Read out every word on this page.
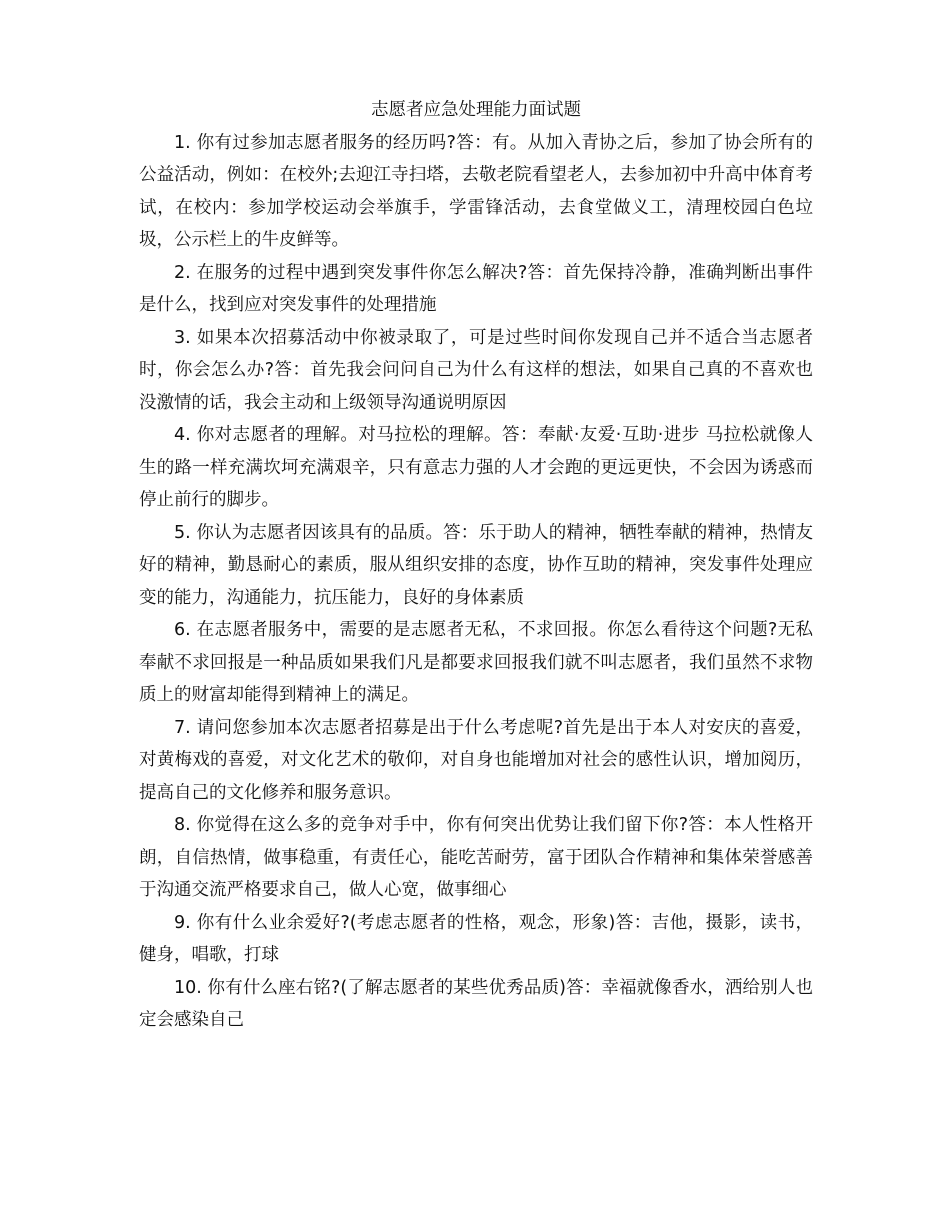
志愿者应急处理能力面试题

1. 你有过参加志愿者服务的经历吗?答：有。从加入青协之后，参加了协会所有的公益活动，例如：在校外;去迎江寺扫塔，去敬老院看望老人，去参加初中升高中体育考试，在校内：参加学校运动会举旗手，学雷锋活动，去食堂做义工，清理校园白色垃圾，公示栏上的牛皮鲜等。

2. 在服务的过程中遇到突发事件你怎么解决?答：首先保持冷静，准确判断出事件是什么，找到应对突发事件的处理措施

3. 如果本次招募活动中你被录取了，可是过些时间你发现自己并不适合当志愿者时，你会怎么办?答：首先我会问问自己为什么有这样的想法，如果自己真的不喜欢也没激情的话，我会主动和上级领导沟通说明原因

4. 你对志愿者的理解。对马拉松的理解。答：奉献·友爱·互助·进步 马拉松就像人生的路一样充满坎坷充满艰辛，只有意志力强的人才会跑的更远更快，不会因为诱惑而停止前行的脚步。

5. 你认为志愿者因该具有的品质。答：乐于助人的精神，牺牲奉献的精神，热情友好的精神，勤恳耐心的素质，服从组织安排的态度，协作互助的精神，突发事件处理应变的能力，沟通能力，抗压能力，良好的身体素质

6. 在志愿者服务中，需要的是志愿者无私，不求回报。你怎么看待这个问题?无私奉献不求回报是一种品质如果我们凡是都要求回报我们就不叫志愿者，我们虽然不求物质上的财富却能得到精神上的满足。

7. 请问您参加本次志愿者招募是出于什么考虑呢?首先是出于本人对安庆的喜爱，对黄梅戏的喜爱，对文化艺术的敬仰，对自身也能增加对社会的感性认识，增加阅历，提高自己的文化修养和服务意识。

8. 你觉得在这么多的竞争对手中，你有何突出优势让我们留下你?答：本人性格开朗，自信热情，做事稳重，有责任心，能吃苦耐劳，富于团队合作精神和集体荣誉感善于沟通交流严格要求自己，做人心宽，做事细心

9. 你有什么业余爱好?(考虑志愿者的性格，观念，形象)答：吉他，摄影，读书，健身，唱歌，打球

10. 你有什么座右铭?(了解志愿者的某些优秀品质)答：幸福就像香水，洒给别人也定会感染自己
